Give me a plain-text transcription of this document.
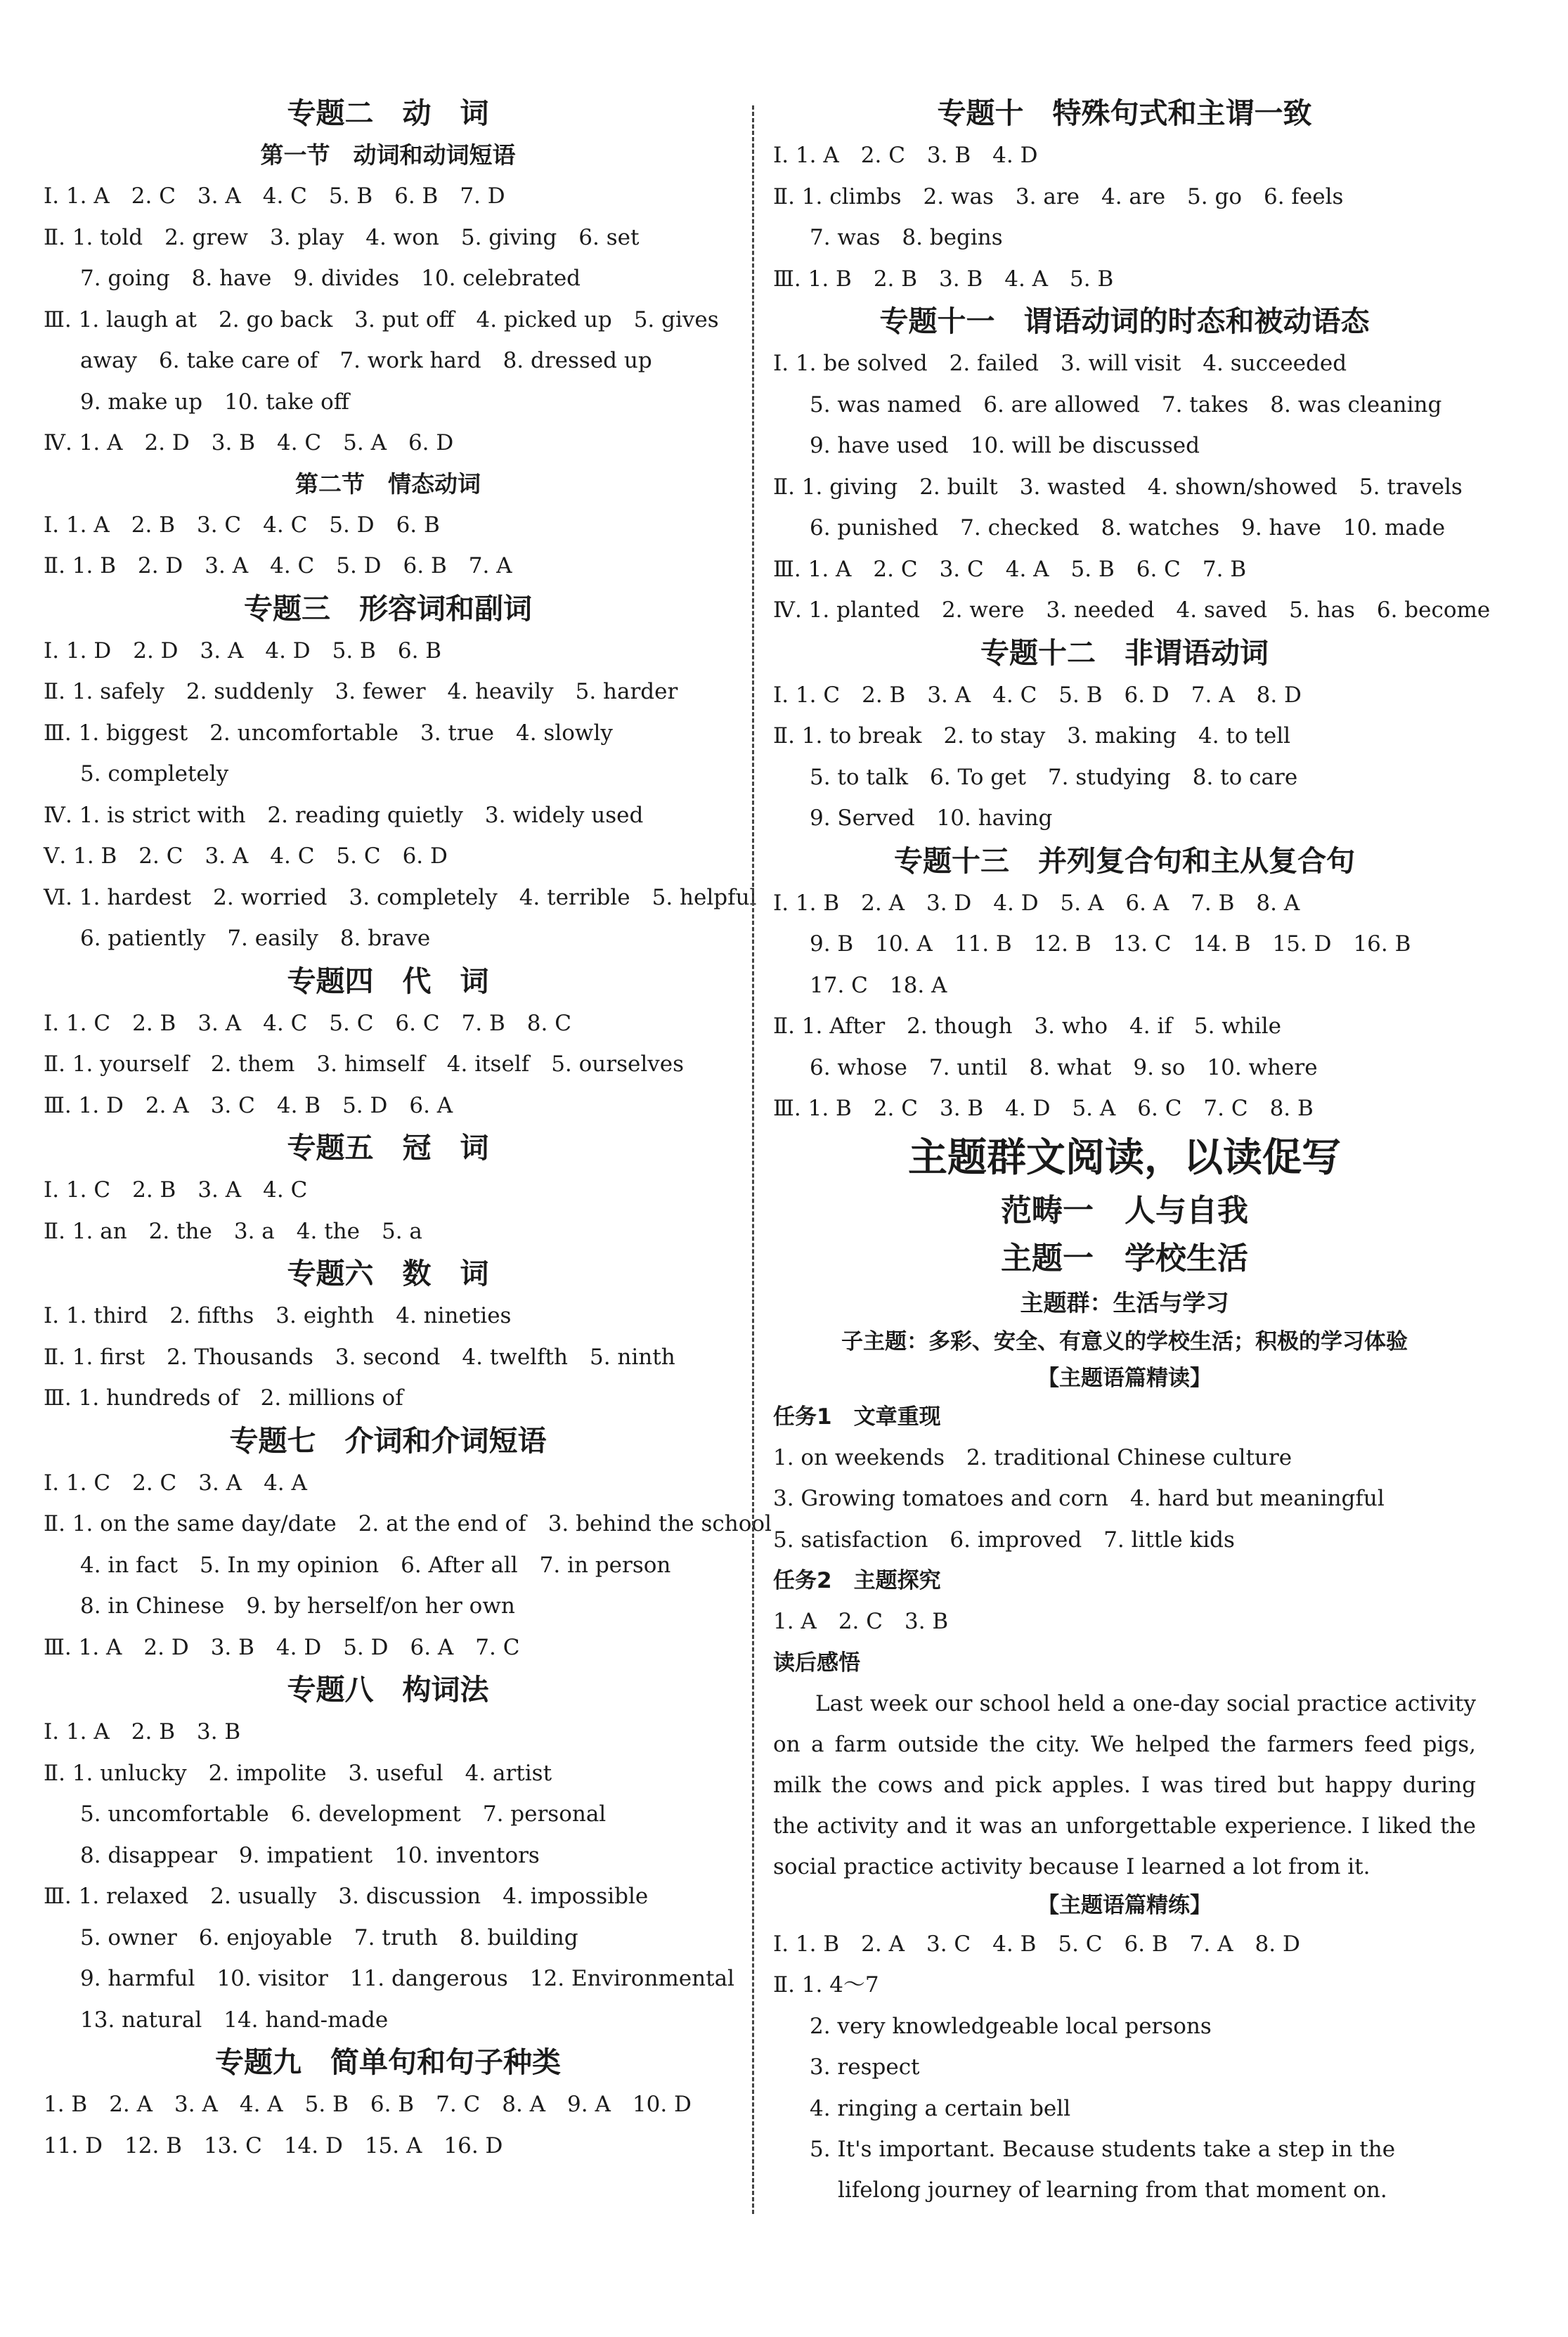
专题二　动　词
第一节　动词和动词短语
Ⅰ. 1. A　2. C　3. A　4. C　5. B　6. B　7. D
Ⅱ. 1. told　2. grew　3. play　4. won　5. giving　6. set
7. going　8. have　9. divides　10. celebrated
Ⅲ. 1. laugh at　2. go back　3. put off　4. picked up　5. gives
away　6. take care of　7. work hard　8. dressed up
9. make up　10. take off
Ⅳ. 1. A　2. D　3. B　4. C　5. A　6. D
第二节　情态动词
Ⅰ. 1. A　2. B　3. C　4. C　5. D　6. B
Ⅱ. 1. B　2. D　3. A　4. C　5. D　6. B　7. A
专题三　形容词和副词
Ⅰ. 1. D　2. D　3. A　4. D　5. B　6. B
Ⅱ. 1. safely　2. suddenly　3. fewer　4. heavily　5. harder
Ⅲ. 1. biggest　2. uncomfortable　3. true　4. slowly
5. completely
Ⅳ. 1. is strict with　2. reading quietly　3. widely used
Ⅴ. 1. B　2. C　3. A　4. C　5. C　6. D
Ⅵ. 1. hardest　2. worried　3. completely　4. terrible　5. helpful
6. patiently　7. easily　8. brave
专题四　代　词
Ⅰ. 1. C　2. B　3. A　4. C　5. C　6. C　7. B　8. C
Ⅱ. 1. yourself　2. them　3. himself　4. itself　5. ourselves
Ⅲ. 1. D　2. A　3. C　4. B　5. D　6. A
专题五　冠　词
Ⅰ. 1. C　2. B　3. A　4. C
Ⅱ. 1. an　2. the　3. a　4. the　5. a
专题六　数　词
Ⅰ. 1. third　2. fifths　3. eighth　4. nineties
Ⅱ. 1. first　2. Thousands　3. second　4. twelfth　5. ninth
Ⅲ. 1. hundreds of　2. millions of
专题七　介词和介词短语
Ⅰ. 1. C　2. C　3. A　4. A
Ⅱ. 1. on the same day/date　2. at the end of　3. behind the school
4. in fact　5. In my opinion　6. After all　7. in person
8. in Chinese　9. by herself/on her own
Ⅲ. 1. A　2. D　3. B　4. D　5. D　6. A　7. C
专题八　构词法
Ⅰ. 1. A　2. B　3. B
Ⅱ. 1. unlucky　2. impolite　3. useful　4. artist
5. uncomfortable　6. development　7. personal
8. disappear　9. impatient　10. inventors
Ⅲ. 1. relaxed　2. usually　3. discussion　4. impossible
5. owner　6. enjoyable　7. truth　8. building
9. harmful　10. visitor　11. dangerous　12. Environmental
13. natural　14. hand-made
专题九　简单句和句子种类
1. B　2. A　3. A　4. A　5. B　6. B　7. C　8. A　9. A　10. D
11. D　12. B　13. C　14. D　15. A　16. D
专题十　特殊句式和主谓一致
Ⅰ. 1. A　2. C　3. B　4. D
Ⅱ. 1. climbs　2. was　3. are　4. are　5. go　6. feels
7. was　8. begins
Ⅲ. 1. B　2. B　3. B　4. A　5. B
专题十一　谓语动词的时态和被动语态
Ⅰ. 1. be solved　2. failed　3. will visit　4. succeeded
5. was named　6. are allowed　7. takes　8. was cleaning
9. have used　10. will be discussed
Ⅱ. 1. giving　2. built　3. wasted　4. shown/showed　5. travels
6. punished　7. checked　8. watches　9. have　10. made
Ⅲ. 1. A　2. C　3. C　4. A　5. B　6. C　7. B
Ⅳ. 1. planted　2. were　3. needed　4. saved　5. has　6. become
专题十二　非谓语动词
Ⅰ. 1. C　2. B　3. A　4. C　5. B　6. D　7. A　8. D
Ⅱ. 1. to break　2. to stay　3. making　4. to tell
5. to talk　6. To get　7. studying　8. to care
9. Served　10. having
专题十三　并列复合句和主从复合句
Ⅰ. 1. B　2. A　3. D　4. D　5. A　6. A　7. B　8. A
9. B　10. A　11. B　12. B　13. C　14. B　15. D　16. B
17. C　18. A
Ⅱ. 1. After　2. though　3. who　4. if　5. while
6. whose　7. until　8. what　9. so　10. where
Ⅲ. 1. B　2. C　3. B　4. D　5. A　6. C　7. C　8. B
主题群文阅读，以读促写
范畴一　人与自我
主题一　学校生活
主题群：生活与学习
子主题：多彩、安全、有意义的学校生活；积极的学习体验
【主题语篇精读】
任务1　文章重现
1. on weekends　2. traditional Chinese culture
3. Growing tomatoes and corn　4. hard but meaningful
5. satisfaction　6. improved　7. little kids
任务2　主题探究
1. A　2. C　3. B
读后感悟
Last week our school held a one-day social practice activity on a farm outside the city. We helped the farmers feed pigs, milk the cows and pick apples. I was tired but happy during the activity and it was an unforgettable experience. I liked the social practice activity because I learned a lot from it.
【主题语篇精练】
Ⅰ. 1. B　2. A　3. C　4. B　5. C　6. B　7. A　8. D
Ⅱ. 1. 4～7
2. very knowledgeable local persons
3. respect
4. ringing a certain bell
5. It's important. Because students take a step in the lifelong journey of learning from that moment on.
